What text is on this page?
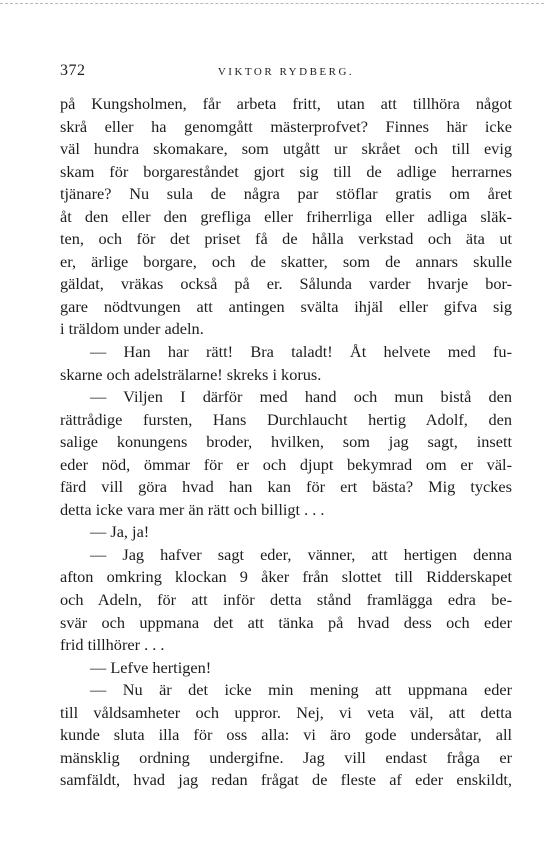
372	VIKTOR RYDBERG.
på Kungsholmen, får arbeta fritt, utan att tillhöra något
skrå eller ha genomgått mästerprofvet? Finnes här icke
väl hundra skomakare, som utgått ur skrået och till evig
skam för borgareståndet gjort sig till de adlige herrarnes
tjänare? Nu sula de några par stöflar gratis om året
åt den eller den grefliga eller friherrliga eller adliga släk-
ten, och för det priset få de hålla verkstad och äta ut
er, ärlige borgare, och de skatter, som de annars skulle
gäldat, vräkas också på er. Sålunda varder hvarje bor-
gare nödtvungen att antingen svälta ihjäl eller gifva sig
i träldom under adeln.
— Han har rätt! Bra taladt! Åt helvete med fu-
skarne och adelsträlarne! skreks i korus.
— Viljen I därför med hand och mun bistå den
rättrådige fursten, Hans Durchlaucht hertig Adolf, den
salige konungens broder, hvilken, som jag sagt, insett
eder nöd, ömmar för er och djupt bekymrad om er väl-
färd vill göra hvad han kan för ert bästa? Mig tyckes
detta icke vara mer än rätt och billigt . . .
— Ja, ja!
— Jag hafver sagt eder, vänner, att hertigen denna
afton omkring klockan 9 åker från slottet till Ridderskapet
och Adeln, för att inför detta stånd framlägga edra be-
svär och uppmana det att tänka på hvad dess och eder
frid tillhörer . . .
— Lefve hertigen!
— Nu är det icke min mening att uppmana eder
till våldsamheter och uppror. Nej, vi veta väl, att detta
kunde sluta illa för oss alla: vi äro gode undersåtar, all
mänsklig ordning undergifne. Jag vill endast fråga er
samfäldt, hvad jag redan frågat de fleste af eder enskildt,
